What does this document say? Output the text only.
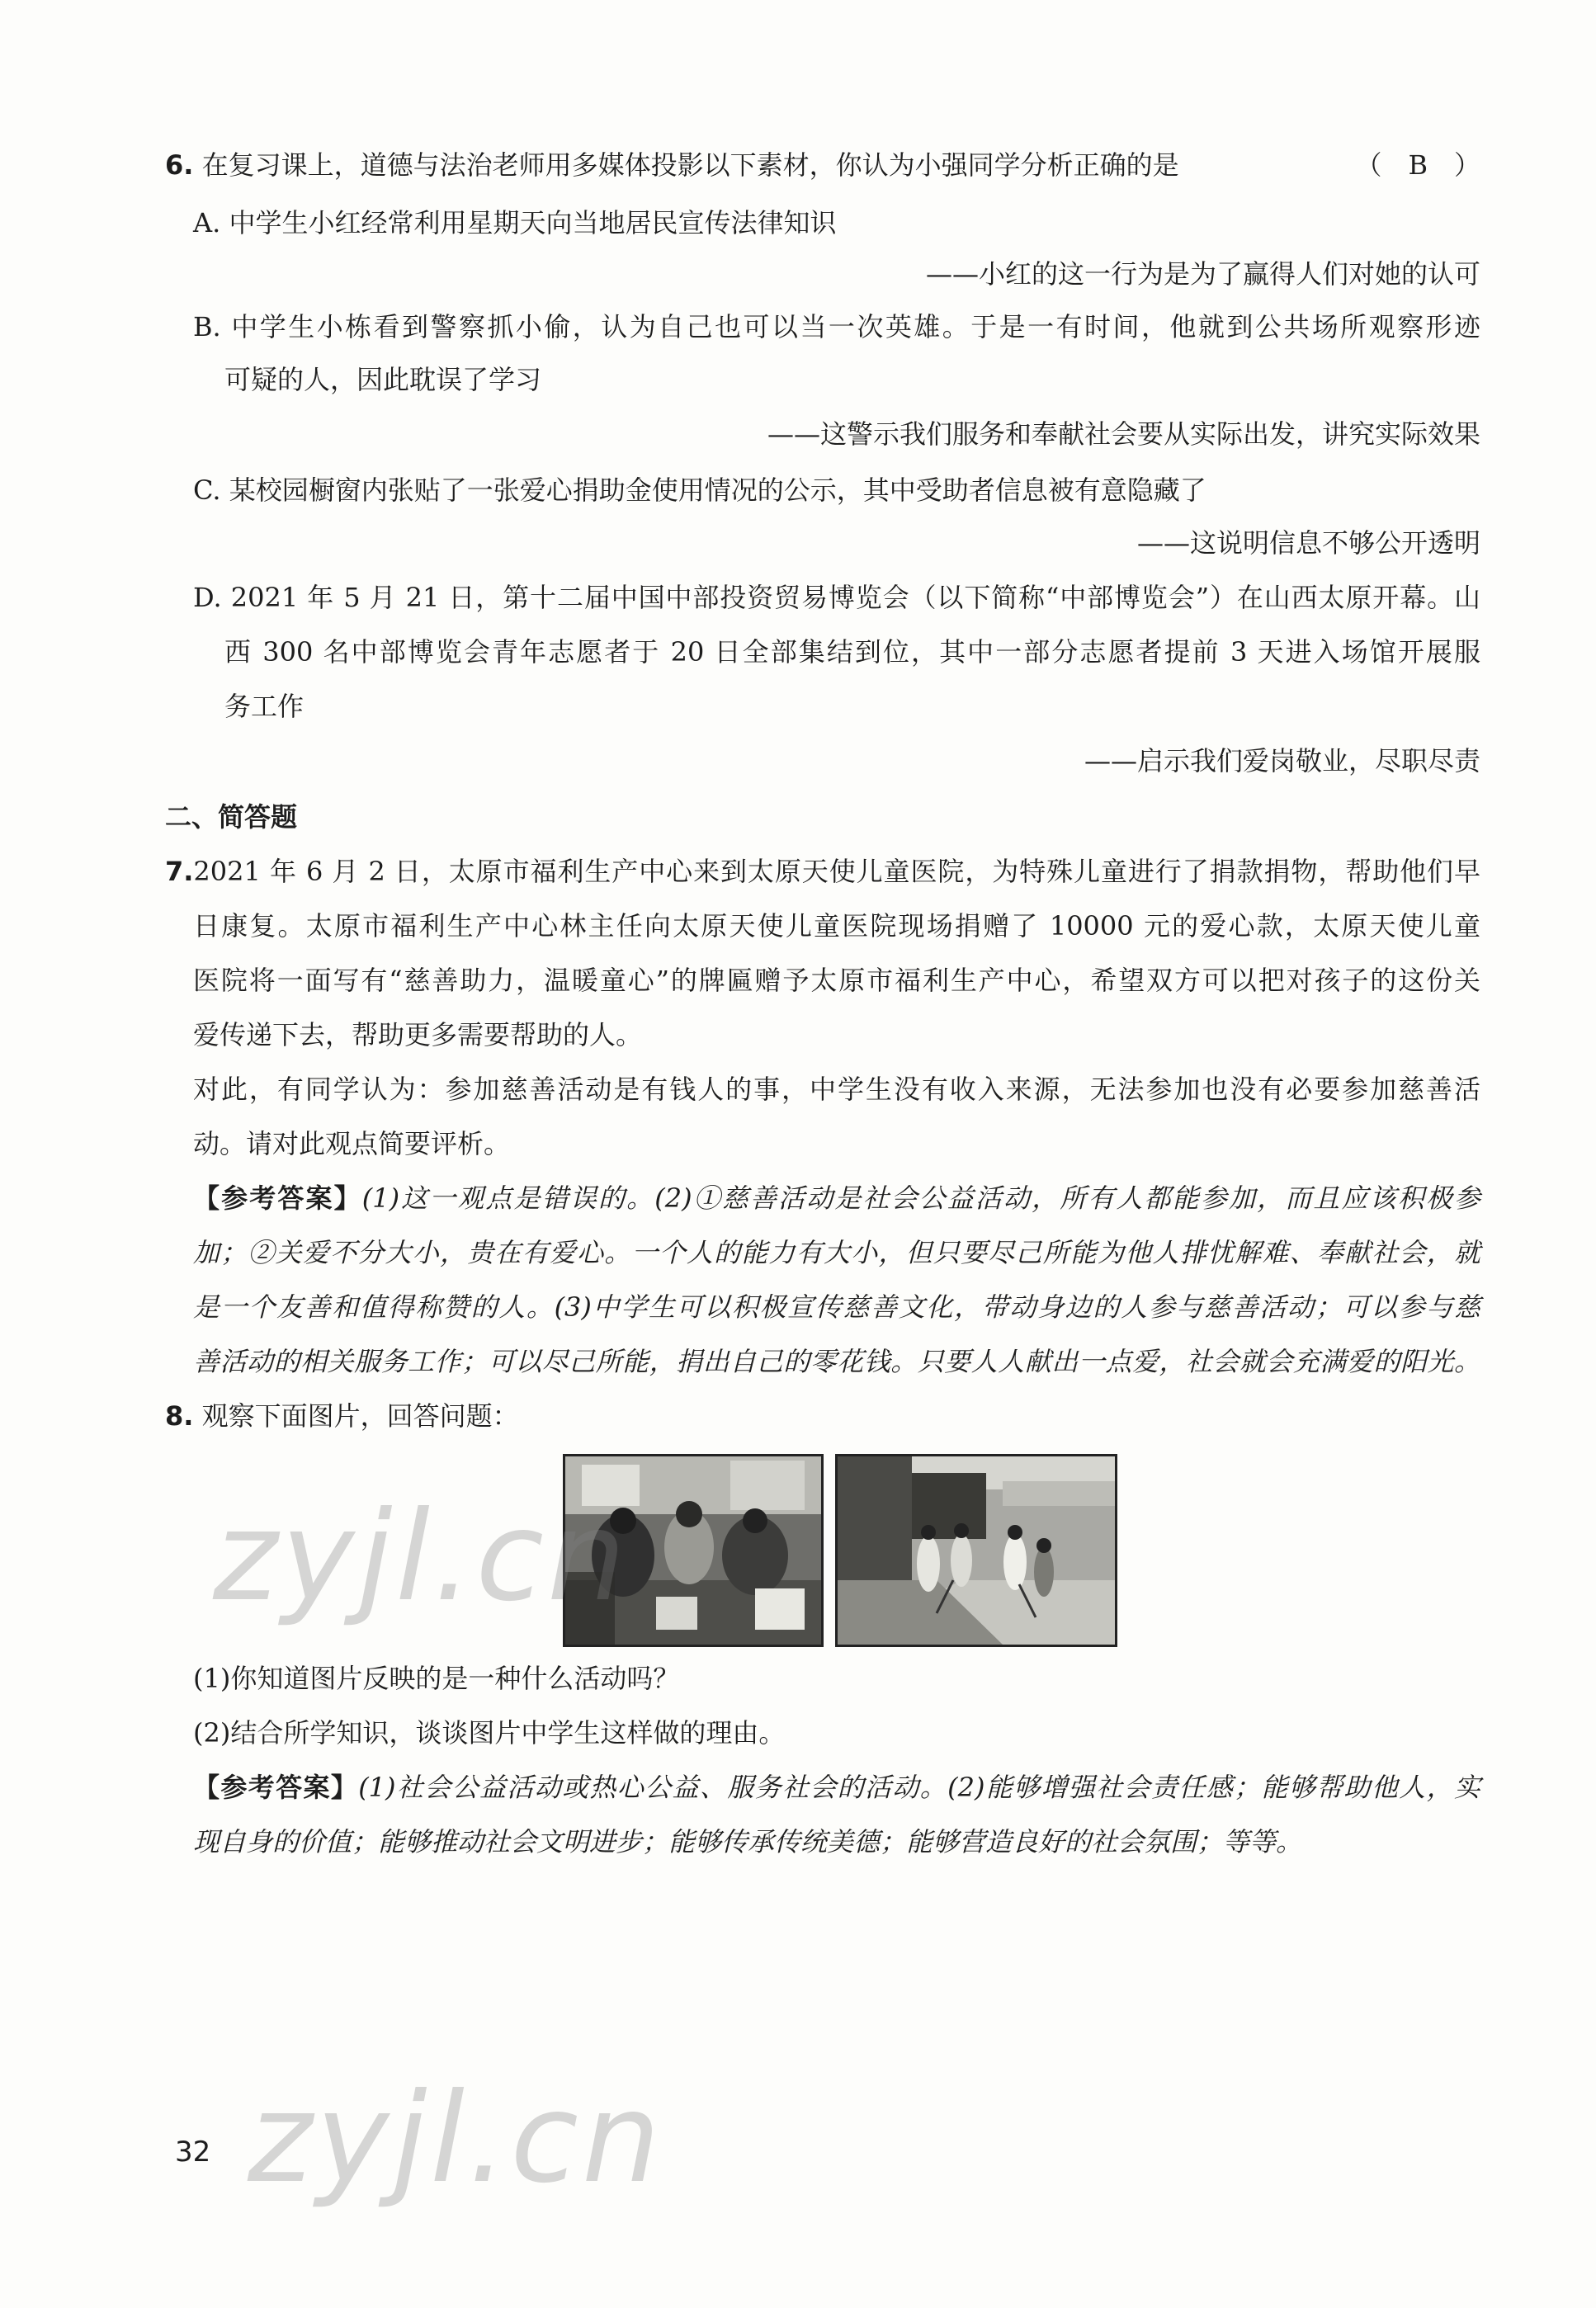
6. 在复习课上，道德与法治老师用多媒体投影以下素材，你认为小强同学分析正确的是	（　B　）
A. 中学生小红经常利用星期天向当地居民宣传法律知识
——小红的这一行为是为了赢得人们对她的认可
B. 中学生小栋看到警察抓小偷，认为自己也可以当一次英雄。于是一有时间，他就到公共场所观察形迹
可疑的人，因此耽误了学习
——这警示我们服务和奉献社会要从实际出发，讲究实际效果
C. 某校园橱窗内张贴了一张爱心捐助金使用情况的公示，其中受助者信息被有意隐藏了
——这说明信息不够公开透明
D. 2021 年 5 月 21 日，第十二届中国中部投资贸易博览会（以下简称“中部博览会”）在山西太原开幕。山
西 300 名中部博览会青年志愿者于 20 日全部集结到位，其中一部分志愿者提前 3 天进入场馆开展服
务工作
——启示我们爱岗敬业，尽职尽责
二、简答题
7.2021 年 6 月 2 日，太原市福利生产中心来到太原天使儿童医院，为特殊儿童进行了捐款捐物，帮助他们早
日康复。太原市福利生产中心林主任向太原天使儿童医院现场捐赠了 10000 元的爱心款，太原天使儿童
医院将一面写有“慈善助力，温暖童心”的牌匾赠予太原市福利生产中心，希望双方可以把对孩子的这份关
爱传递下去，帮助更多需要帮助的人。
对此，有同学认为：参加慈善活动是有钱人的事，中学生没有收入来源，无法参加也没有必要参加慈善活
动。请对此观点简要评析。
【参考答案】(1)这一观点是错误的。(2)①慈善活动是社会公益活动，所有人都能参加，而且应该积极参
加；②关爱不分大小，贵在有爱心。一个人的能力有大小，但只要尽己所能为他人排忧解难、奉献社会，就
是一个友善和值得称赞的人。(3)中学生可以积极宣传慈善文化，带动身边的人参与慈善活动；可以参与慈
善活动的相关服务工作；可以尽己所能，捐出自己的零花钱。只要人人献出一点爱，社会就会充满爱的阳光。
8. 观察下面图片，回答问题：
(1)你知道图片反映的是一种什么活动吗？
(2)结合所学知识，谈谈图片中学生这样做的理由。
【参考答案】(1)社会公益活动或热心公益、服务社会的活动。(2)能够增强社会责任感；能够帮助他人，实
现自身的价值；能够推动社会文明进步；能够传承传统美德；能够营造良好的社会氛围；等等。
zyjl.cn
zyjl.cn
32
